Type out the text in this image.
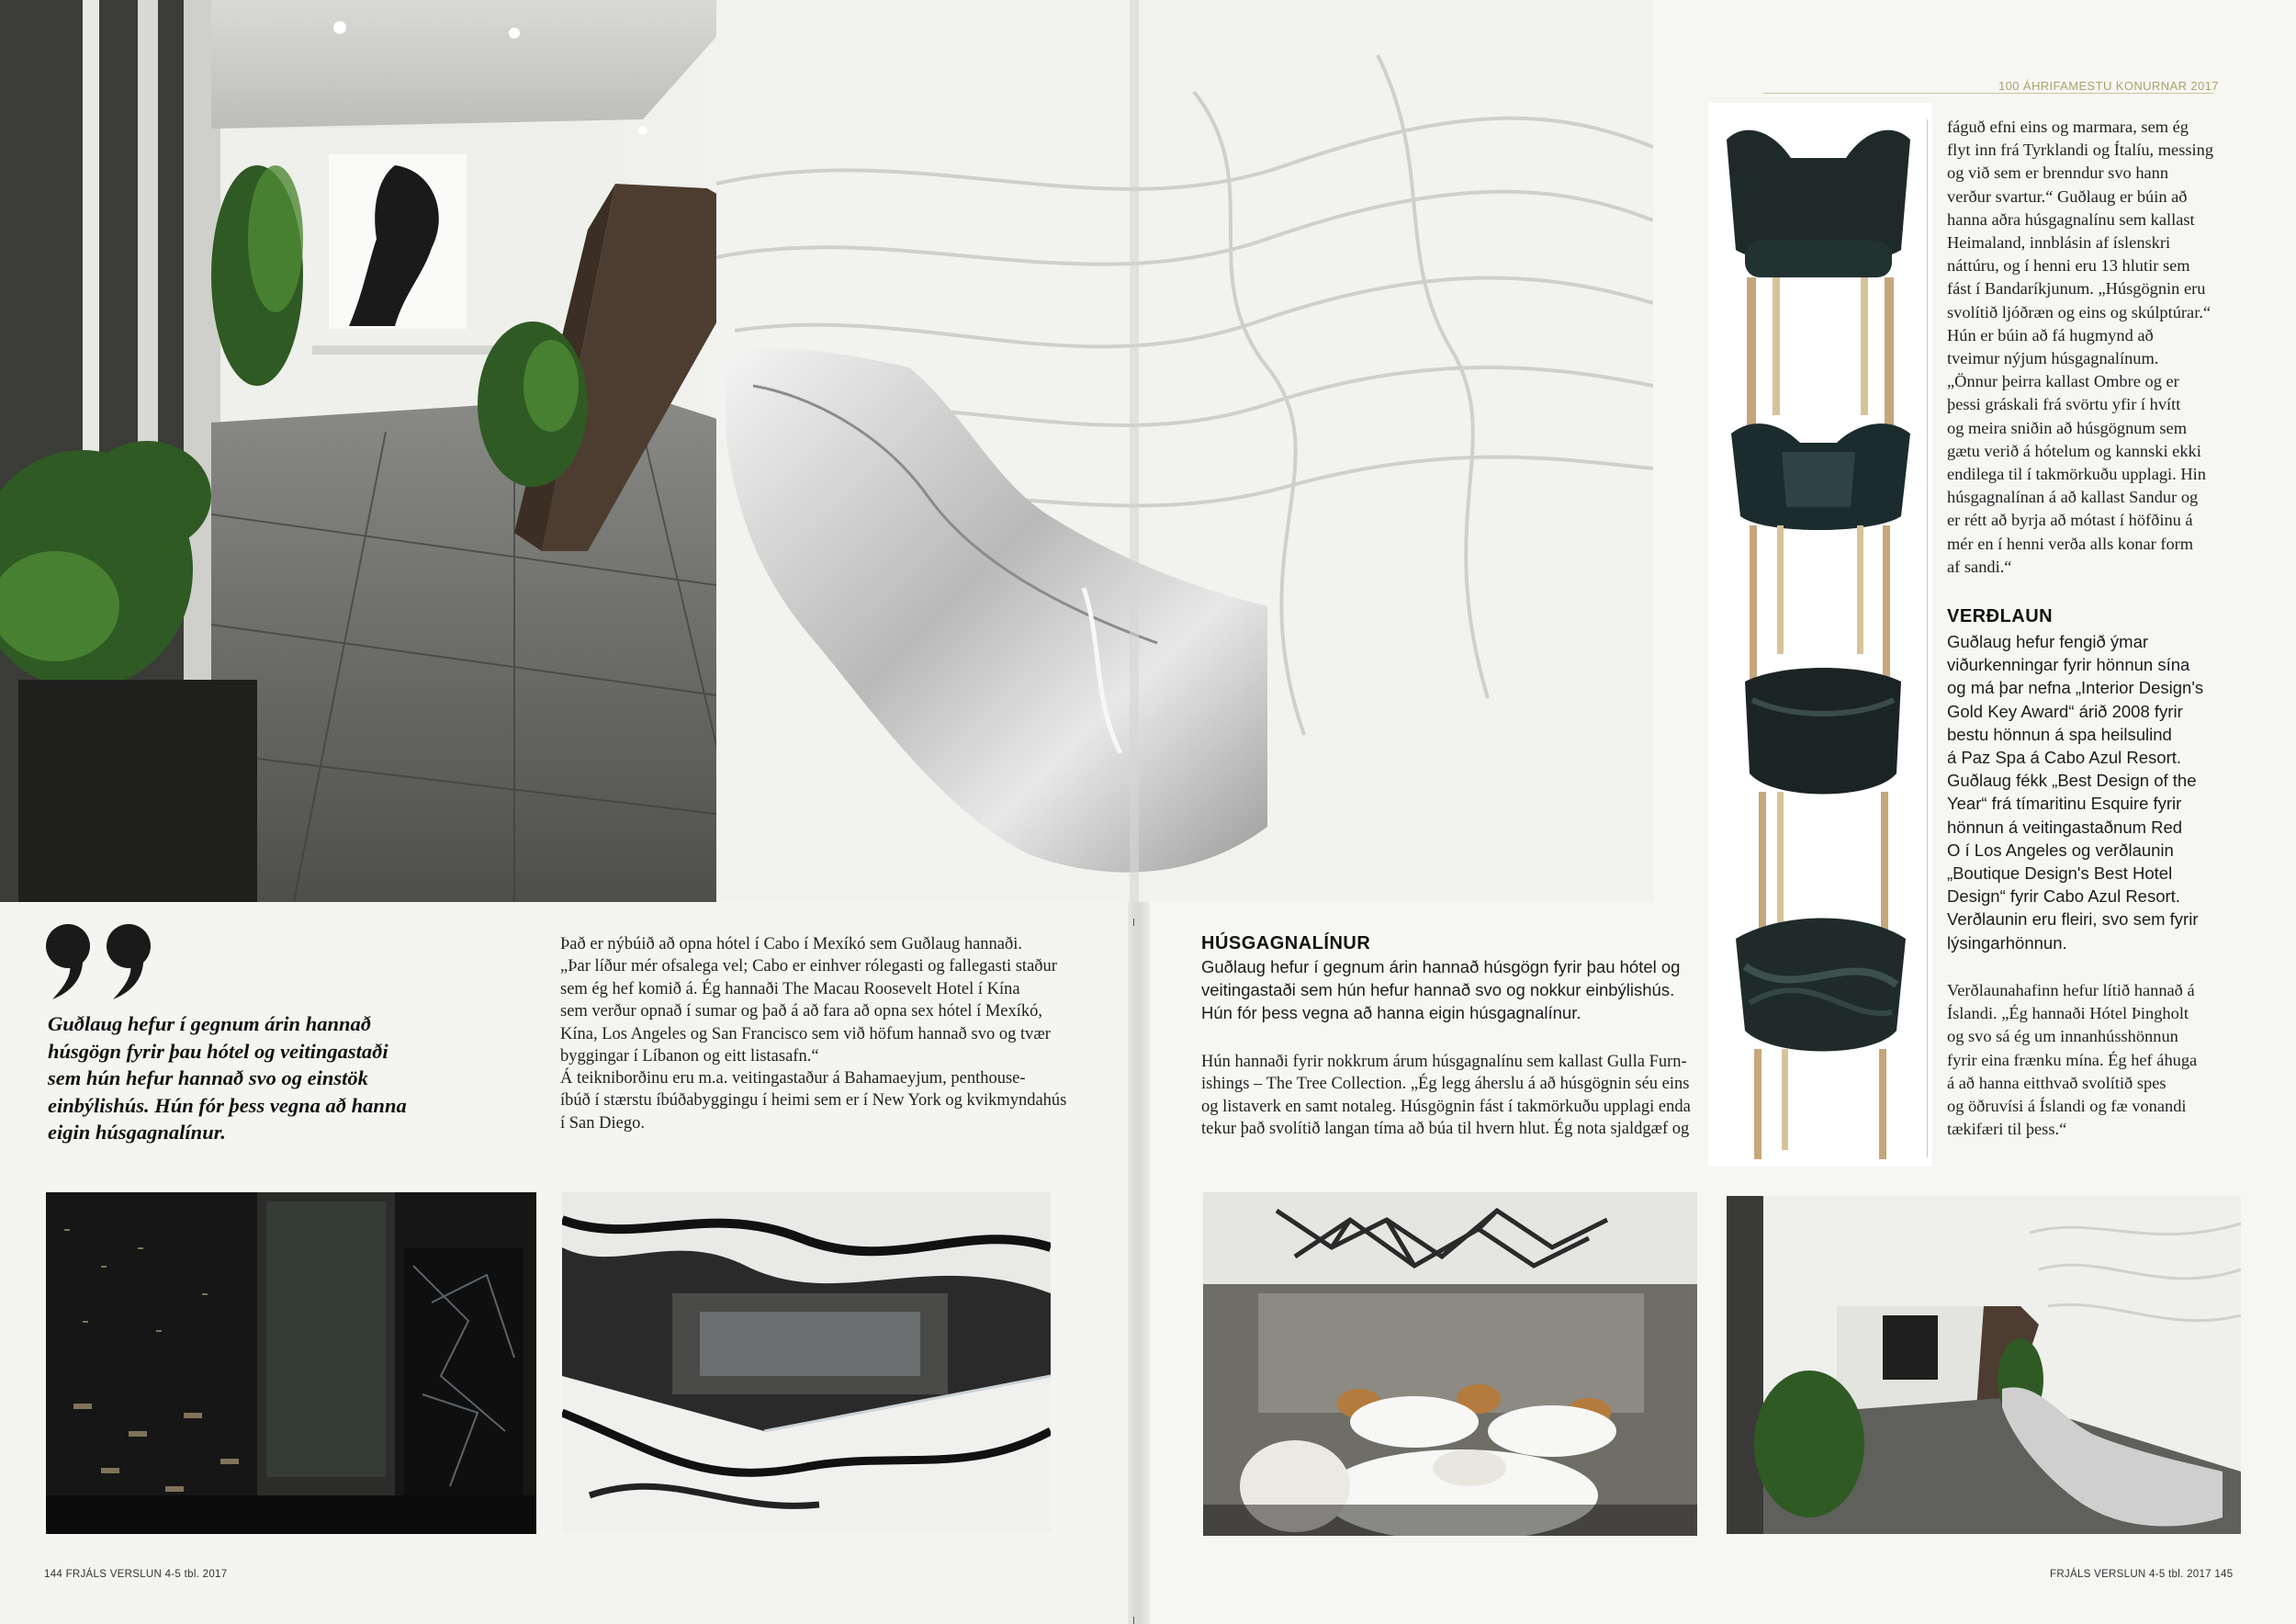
100 ÁHRIFAMESTU KONURNAR 2017
fáguð efni eins og marmara, sem ég
flyt inn frá Tyrklandi og Ítalíu, messing
og við sem er brenndur svo hann
verður svartur.“ Guðlaug er búin að
hanna aðra húsgagnalínu sem kallast
Heimaland, innblásin af íslenskri
náttúru, og í henni eru 13 hlutir sem
fást í Bandaríkjunum. „Húsgögnin eru
svolítið ljóðræn og eins og skúlptúrar.“
Hún er búin að fá hugmynd að
tveimur nýjum húsgagnalínum.
„Önnur þeirra kallast Ombre og er
þessi gráskali frá svörtu yfir í hvítt
og meira sniðin að húsgögnum sem
gætu verið á hótelum og kannski ekki
endilega til í takmörkuðu upplagi. Hin
húsgagnalínan á að kallast Sandur og
er rétt að byrja að mótast í höfðinu á
mér en í henni verða alls konar form
af sandi.“
VERÐLAUN
Guðlaug hefur fengið ýmar
viðurkenningar fyrir hönnun sína
og má þar nefna „Interior Design's
Gold Key Award“ árið 2008 fyrir
bestu hönnun á spa heilsulind
á Paz Spa á Cabo Azul Resort.
Guðlaug fékk „Best Design of the
Year“ frá tímaritinu Esquire fyrir
hönnun á veitingastaðnum Red
O í Los Angeles og verðlaunin
„Boutique Design's Best Hotel
Design“ fyrir Cabo Azul Resort.
Verðlaunin eru fleiri, svo sem fyrir
lýsingarhönnun.
Verðlaunahafinn hefur lítið hannað á
Íslandi. „Ég hannaði Hótel Þingholt
og svo sá ég um innanhússhönnun
fyrir eina frænku mína. Ég hef áhuga
á að hanna eitthvað svolítið spes
og öðruvísi á Íslandi og fæ vonandi
tækifæri til þess.“
Guðlaug hefur í gegnum árin hannað
húsgögn fyrir þau hótel og veitingastaði
sem hún hefur hannað svo og einstök
einbýlishús. Hún fór þess vegna að hanna
eigin húsgagnalínur.
Það er nýbúið að opna hótel í Cabo í Mexíkó sem Guðlaug hannaði.
„Þar líður mér ofsalega vel; Cabo er einhver rólegasti og fallegasti staður
sem ég hef komið á. Ég hannaði The Macau Roosevelt Hotel í Kína
sem verður opnað í sumar og það á að fara að opna sex hótel í Mexíkó,
Kína, Los Angeles og San Francisco sem við höfum hannað svo og tvær
byggingar í Líbanon og eitt listasafn.“
Á teikniborðinu eru m.a. veitingastaður á Bahamaeyjum, penthouse-
íbúð í stærstu íbúðabyggingu í heimi sem er í New York og kvikmyndahús
í San Diego.
HÚSGAGNALÍNUR
Guðlaug hefur í gegnum árin hannað húsgögn fyrir þau hótel og
veitingastaði sem hún hefur hannað svo og nokkur einbýlishús.
Hún fór þess vegna að hanna eigin húsgagnalínur.
Hún hannaði fyrir nokkrum árum húsgagnalínu sem kallast Gulla Furn-
ishings – The Tree Collection. „Ég legg áherslu á að húsgögnin séu eins
og listaverk en samt notaleg. Húsgögnin fást í takmörkuðu upplagi enda
tekur það svolítið langan tíma að búa til hvern hlut. Ég nota sjaldgæf og
144 FRJÁLS VERSLUN 4-5 tbl. 2017	FRJÁLS VERSLUN 4-5 tbl. 2017 145
